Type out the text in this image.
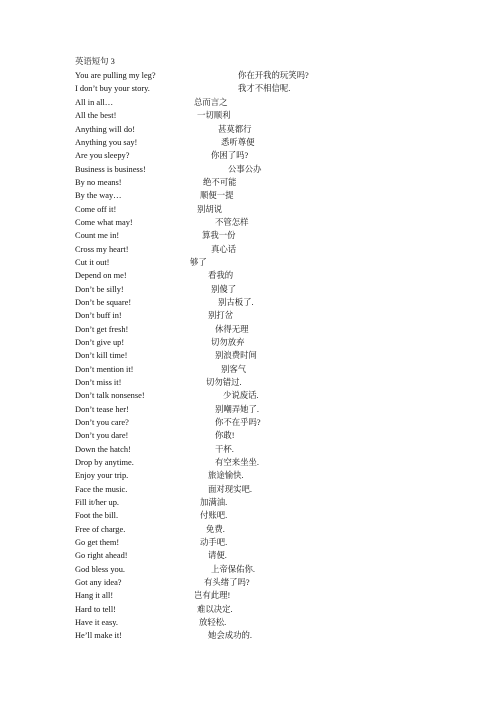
英语短句 3
You are pulling my leg?	你在开我的玩笑吗?
I don’t buy your story.	我才不相信呢.
All in all…	总而言之
All the best!	一切顺利
Anything will do!	甚莫都行
Anything you say!	悉听尊便
Are you sleepy?	你困了吗?
Business is business!	公事公办
By no means!	绝不可能
By the way…	顺便一提
Come off it!	别胡说
Come what may!	不管怎样
Count me in!	算我一份
Cross my heart!	真心话
Cut it out!	够了
Depend on me!	看我的
Don’t be silly!	别傻了
Don’t be square!	别古板了.
Don’t buff in!	别打岔
Don’t get fresh!	休得无理
Don’t give up!	切勿放弃
Don’t kill time!	别浪费时间
Don’t mention it!	别客气
Don’t miss it!	切勿错过.
Don’t talk nonsense!	少说废话.
Don’t tease her!	别嘲弄她了.
Don’t you care?	你不在乎吗?
Don’t you dare!	你敢!
Down the hatch!	干杯.
Drop by anytime.	有空来坐坐.
Enjoy your trip.	旅途愉快.
Face the music.	面对现实吧.
Fill it/her up.	加满油.
Foot the bill.	付账吧.
Free of charge.	免费.
Go get them!	动手吧.
Go right ahead!	请便.
God bless you.	上帝保佑你.
Got any idea?	有头绪了吗?
Hang it all!	岂有此理!
Hard to tell!	难以决定.
Have it easy.	放轻松.
He’ll make it!	她会成功的.
